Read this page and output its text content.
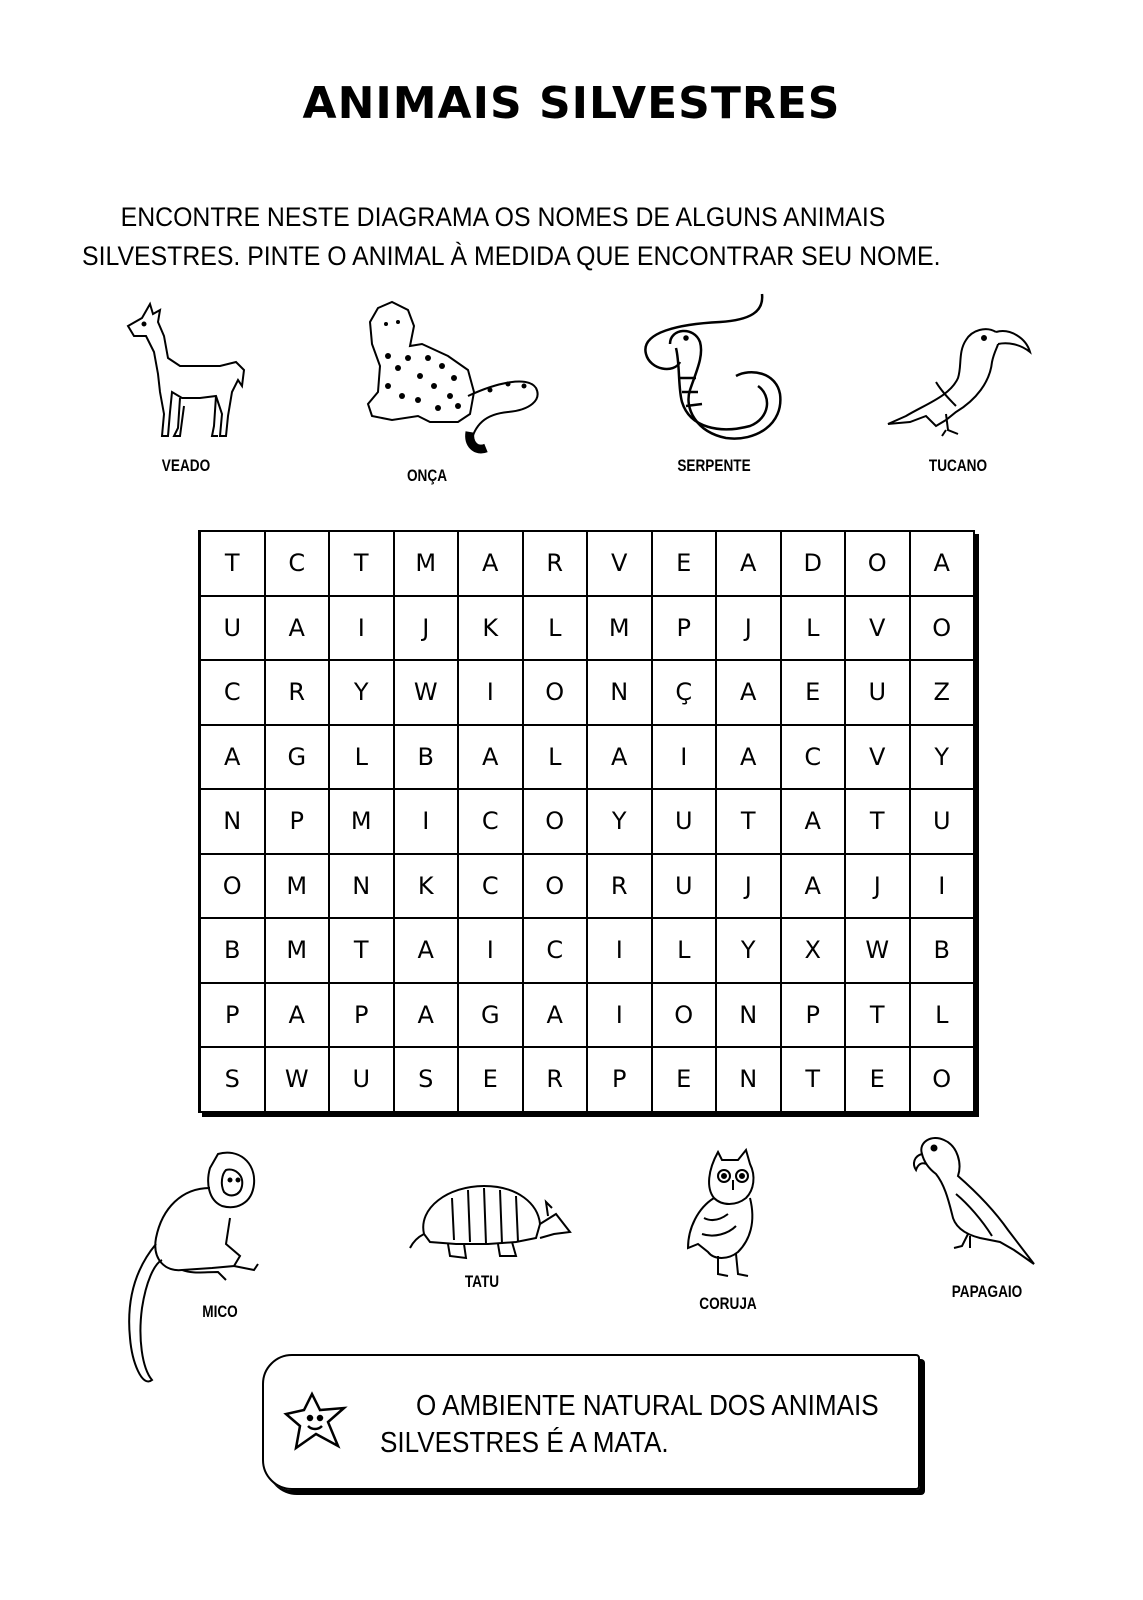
ANIMAIS SILVESTRES
ENCONTRE NESTE DIAGRAMA OS NOMES DE ALGUNS ANIMAIS
SILVESTRES. PINTE O ANIMAL À MEDIDA QUE ENCONTRAR SEU NOME.
VEADO
ONÇA
SERPENTE	TUCANO
T	C	T	M	A	R	V	E	A	D	O	A
U	A	I	J	K	L	M	P	J	L	V	O
C	R	Y	W	I	O	N	Ç	A	E	U	Z
A	G	L	B	A	L	A	I	A	C	V	Y
N	P	M	I	C	O	Y	U	T	A	T	U
O	M	N	K	C	O	R	U	J	A	J	I
B	M	T	A	I	C	I	L	Y	X	W	B
P	A	P	A	G	A	I	O	N	P	T	L
S	W	U	S	E	R	P	E	N	T	E	O
MICO
TATU
CORUJA
PAPAGAIO
O AMBIENTE NATURAL DOS ANIMAIS
SILVESTRES É A MATA.
